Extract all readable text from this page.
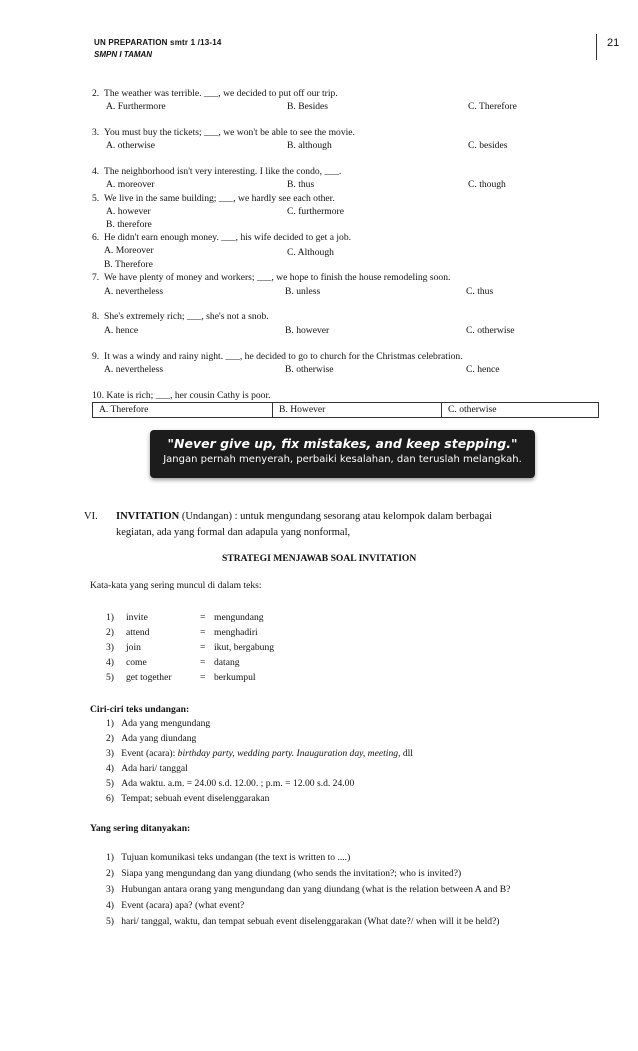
UN PREPARATION smtr 1 /13-14
SMPN I TAMAN
21
2. The weather was terrible. ___, we decided to put off our trip.
A. Furthermore	B. Besides	C. Therefore
3. You must buy the tickets; ___, we won't be able to see the movie.
A. otherwise	B. although	C. besides
4. The neighborhood isn't very interesting. I like the condo, ___.
A. moreover	B. thus	C. though
5. We live in the same building; ___, we hardly see each other.
A. however	C. furthermore
B. therefore
6. He didn't earn enough money. ___, his wife decided to get a job.
A. Moreover	C. Although
B. Therefore
7. We have plenty of money and workers; ___, we hope to finish the house remodeling soon.
A. nevertheless	B. unless	C. thus
8. She's extremely rich; ___, she's not a snob.
A. hence	B. however	C. otherwise
9. It was a windy and rainy night. ___, he decided to go to church for the Christmas celebration.
A. nevertheless	B. otherwise	C. hence
10. Kate is rich; ___, her cousin Cathy is poor.
A. Therefore	B. However	C. otherwise
"Never give up, fix mistakes, and keep stepping."
Jangan pernah menyerah, perbaiki kesalahan, dan teruslah melangkah.
VI. INVITATION (Undangan) : untuk mengundang sesorang atau kelompok dalam berbagai
kegiatan, ada yang formal dan adapula yang nonformal,
STRATEGI MENJAWAB SOAL INVITATION
Kata-kata yang sering muncul di dalam teks:
1) invite	= mengundang
2) attend	= menghadiri
3) join	= ikut, bergabung
4) come	= datang
5) get together	= berkumpul
Ciri-ciri teks undangan:
1) Ada yang mengundang
2) Ada yang diundang
3) Event (acara): birthday party, wedding party. Inauguration day, meeting, dll
4) Ada hari/ tanggal
5) Ada waktu. a.m. = 24.00 s.d. 12.00. ; p.m. = 12.00 s.d. 24.00
6) Tempat; sebuah event diselenggarakan
Yang sering ditanyakan:
1) Tujuan komunikasi teks undangan (the text is written to ....)
2) Siapa yang mengundang dan yang diundang (who sends the invitation?; who is invited?)
3) Hubungan antara orang yang mengundang dan yang diundang (what is the relation between A and B?
4) Event (acara) apa? (what event?
5) hari/ tanggal, waktu, dan tempat sebuah event diselenggarakan (What date?/ when will it be held?)
